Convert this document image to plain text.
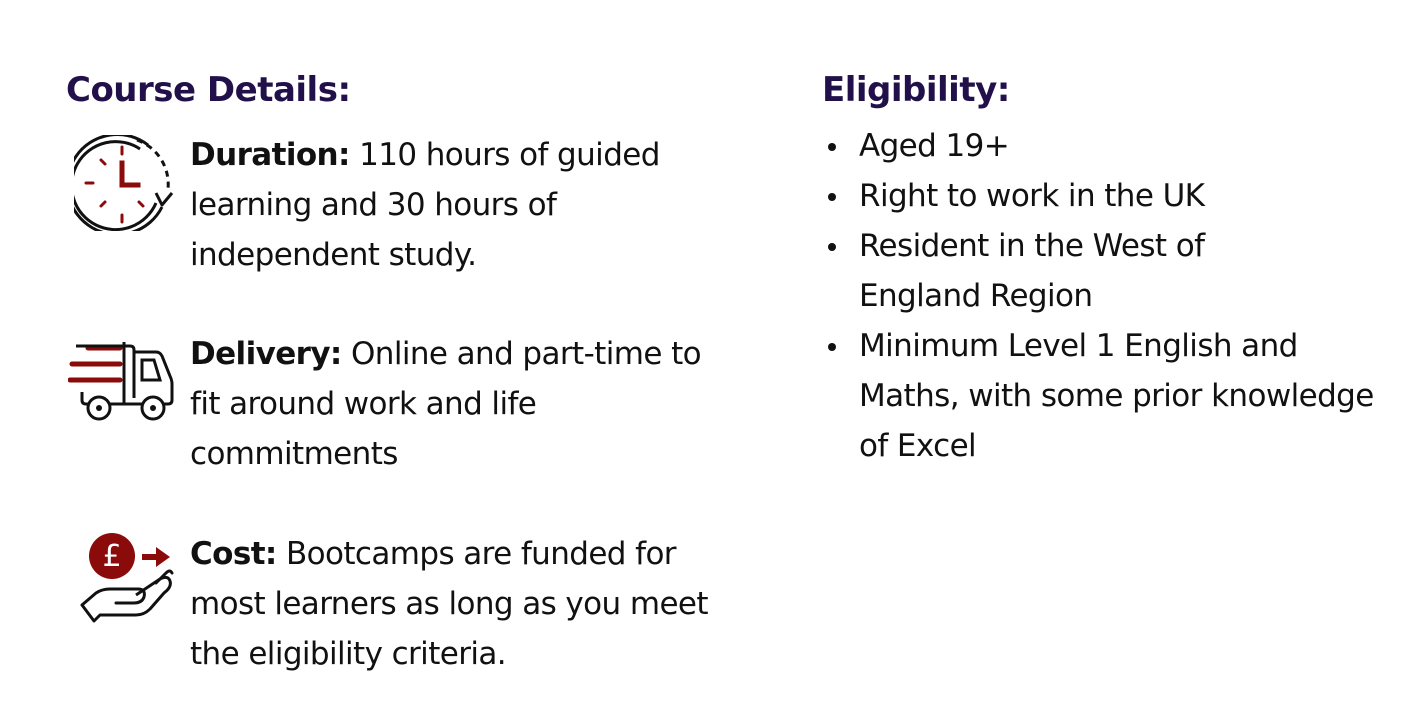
Course Details:
Duration: 110 hours of guided learning and 30 hours of independent study.
Delivery: Online and part-time to fit around work and life commitments
£ Cost: Bootcamps are funded for most learners as long as you meet the eligibility criteria.
Eligibility:
Aged 19+
Right to work in the UK
Resident in the West of England Region
Minimum Level 1 English and Maths, with some prior knowledge of Excel
